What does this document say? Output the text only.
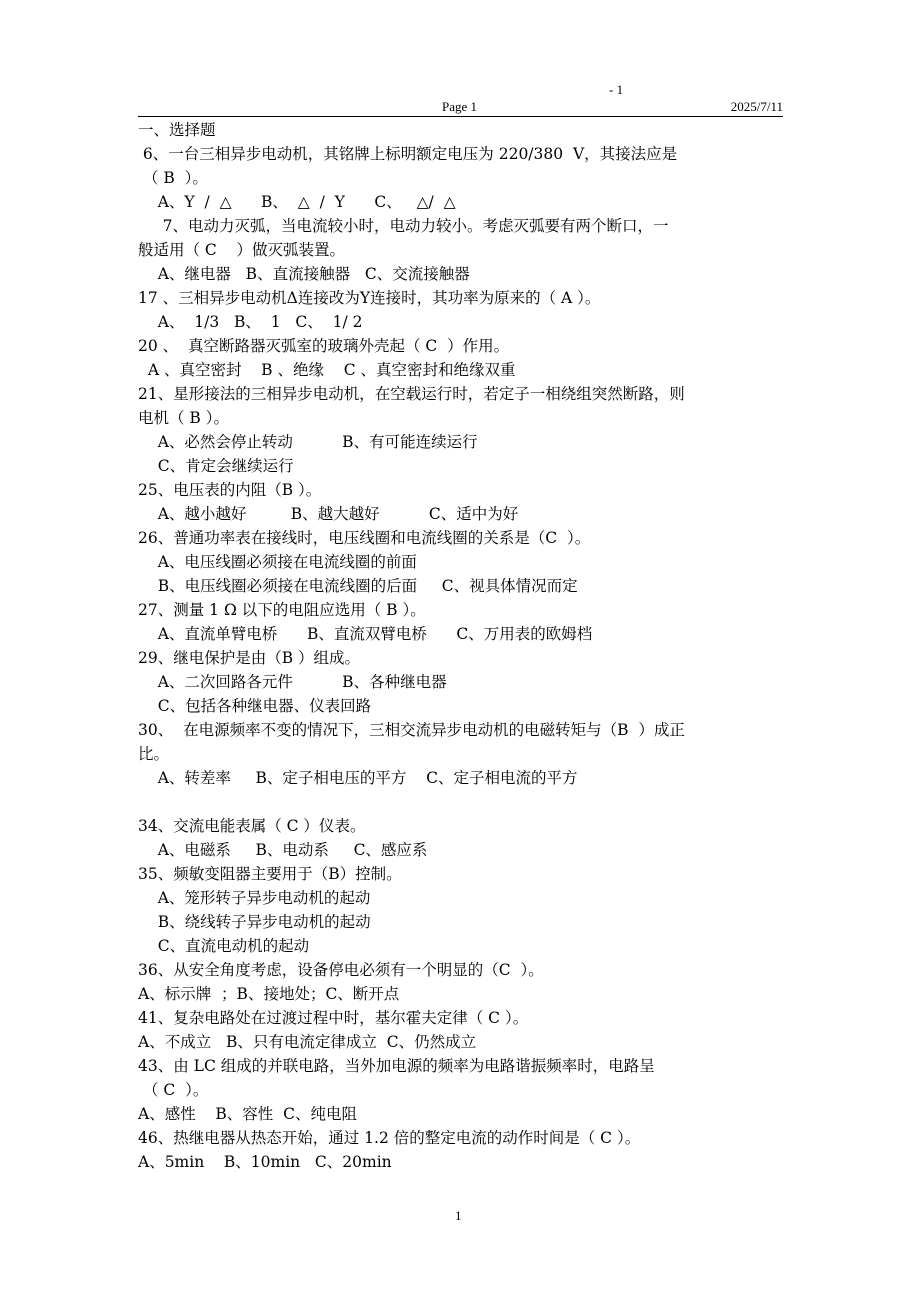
- 1
Page 1	2025/7/11
一、选择题
6、一台三相异步电动机，其铭牌上标明额定电压为 220/380  V，其接法应是
（ B  ）。
A、Y  /  △      B、  △  /  Y      C、   △/  △
7、电动力灭弧，当电流较小时，电动力较小。考虑灭弧要有两个断口，一
般适用（ C    ）做灭弧装置。
A、继电器   B、直流接触器   C、交流接触器
17 、三相异步电动机Δ连接改为Y连接时，其功率为原来的（ A ）。
A、  1/3   B、  1   C、  1/ 2
20 、  真空断路器灭弧室的玻璃外壳起（ C  ）作用。
A 、真空密封    B 、绝缘    C 、真空密封和绝缘双重
21、星形接法的三相异步电动机，在空载运行时，若定子一相绕组突然断路，则
电机（ B ）。
A、必然会停止转动          B、有可能连续运行
C、肯定会继续运行
25、电压表的内阻（B ）。
A、越小越好         B、越大越好          C、适中为好
26、普通功率表在接线时，电压线圈和电流线圈的关系是（C  ）。
A、电压线圈必须接在电流线圈的前面
B、电压线圈必须接在电流线圈的后面     C、视具体情况而定
27、测量 1 Ω 以下的电阻应选用（ B ）。
A、直流单臂电桥      B、直流双臂电桥      C、万用表的欧姆档
29、继电保护是由（B ）组成。
A、二次回路各元件          B、各种继电器
C、包括各种继电器、仪表回路
30、  在电源频率不变的情况下，三相交流异步电动机的电磁转矩与（B  ）成正
比。
A、转差率     B、定子相电压的平方    C、定子相电流的平方
34、交流电能表属（ C ）仪表。
A、电磁系     B、电动系     C、感应系
35、频敏变阻器主要用于（B）控制。
A、笼形转子异步电动机的起动
B、绕线转子异步电动机的起动
C、直流电动机的起动
36、从安全角度考虑，设备停电必须有一个明显的（C  ）。
A、标示牌  ；B、接地处；C、断开点
41、复杂电路处在过渡过程中时，基尔霍夫定律（ C ）。
A、不成立   B、只有电流定律成立  C、仍然成立
43、由 LC 组成的并联电路，当外加电源的频率为电路谐振频率时，电路呈
（ C  ）。
A、感性    B、容性  C、纯电阻
46、热继电器从热态开始，通过 1.2 倍的整定电流的动作时间是（ C ）。
A、5min    B、10min   C、20min
1
